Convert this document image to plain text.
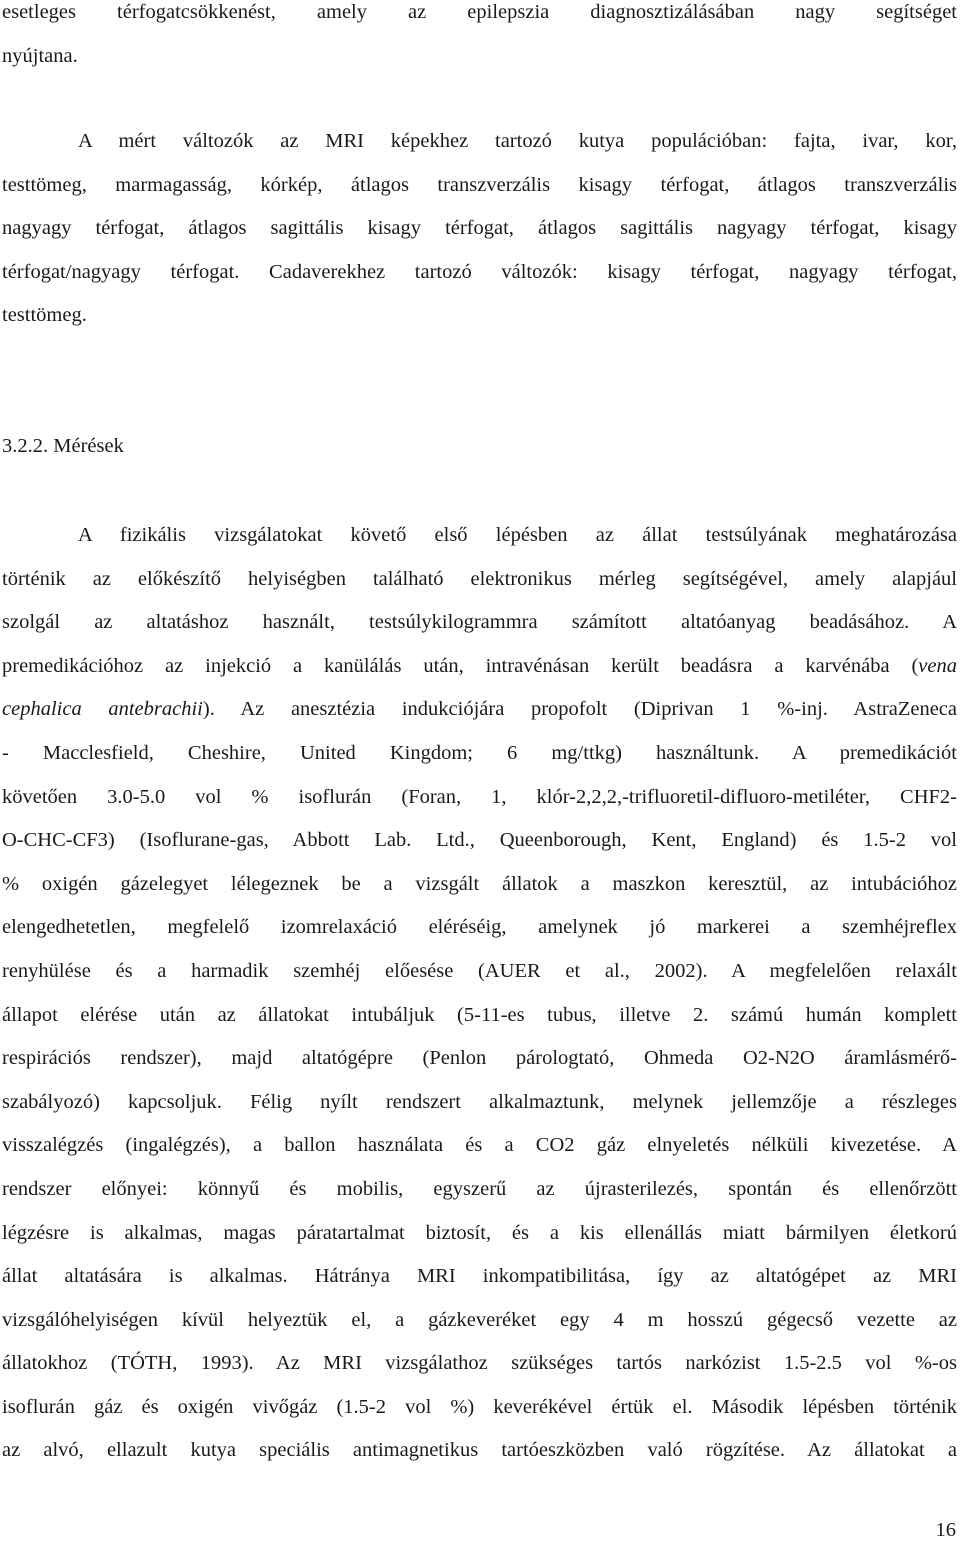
esetleges térfogatcsökkenést, amely az epilepszia diagnosztizálásában nagy segítséget
nyújtana.
A mért változók az MRI képekhez tartozó kutya populációban: fajta, ivar, kor,
testtömeg, marmagasság, kórkép, átlagos transzverzális kisagy térfogat, átlagos transzverzális
nagyagy térfogat, átlagos sagittális kisagy térfogat, átlagos sagittális nagyagy térfogat, kisagy
térfogat/nagyagy térfogat. Cadaverekhez tartozó változók: kisagy térfogat, nagyagy térfogat,
testtömeg.
3.2.2. Mérések
A fizikális vizsgálatokat követő első lépésben az állat testsúlyának meghatározása
történik az előkészítő helyiségben található elektronikus mérleg segítségével, amely alapjául
szolgál az altatáshoz használt, testsúlykilogrammra számított altatóanyag beadásához. A
premedikációhoz az injekció a kanülálás után, intravénásan került beadásra a karvénába (vena
cephalica antebrachii). Az anesztézia indukciójára propofolt (Diprivan 1 %-inj. AstraZeneca
- Macclesfield, Cheshire, United Kingdom; 6 mg/ttkg) használtunk. A premedikációt
követően 3.0-5.0 vol % isoflurán (Foran, 1, klór-2,2,2,-trifluoretil-difluoro-metiléter, CHF2-
O-CHC-CF3) (Isoflurane-gas, Abbott Lab. Ltd., Queenborough, Kent, England) és 1.5-2 vol
% oxigén gázelegyet lélegeznek be a vizsgált állatok a maszkon keresztül, az intubációhoz
elengedhetetlen, megfelelő izomrelaxáció eléréséig, amelynek jó markerei a szemhéjreflex
renyhülése és a harmadik szemhéj előesése (AUER et al., 2002). A megfelelően relaxált
állapot elérése után az állatokat intubáljuk (5-11-es tubus, illetve 2. számú humán komplett
respirációs rendszer), majd altatógépre (Penlon párologtató, Ohmeda O2-N2O áramlásmérő-
szabályozó) kapcsoljuk. Félig nyílt rendszert alkalmaztunk, melynek jellemzője a részleges
visszalégzés (ingalégzés), a ballon használata és a CO2 gáz elnyeletés nélküli kivezetése. A
rendszer előnyei: könnyű és mobilis, egyszerű az újrasterilezés, spontán és ellenőrzött
légzésre is alkalmas, magas páratartalmat biztosít, és a kis ellenállás miatt bármilyen életkorú
állat altatására is alkalmas. Hátránya MRI inkompatibilitása, így az altatógépet az MRI
vizsgálóhelyiségen kívül helyeztük el, a gázkeveréket egy 4 m hosszú gégecső vezette az
állatokhoz (TÓTH, 1993). Az MRI vizsgálathoz szükséges tartós narkózist 1.5-2.5 vol %-os
isoflurán gáz és oxigén vivőgáz (1.5-2 vol %) keverékével értük el. Második lépésben történik
az alvó, ellazult kutya speciális antimagnetikus tartóeszközben való rögzítése. Az állatokat a
16
